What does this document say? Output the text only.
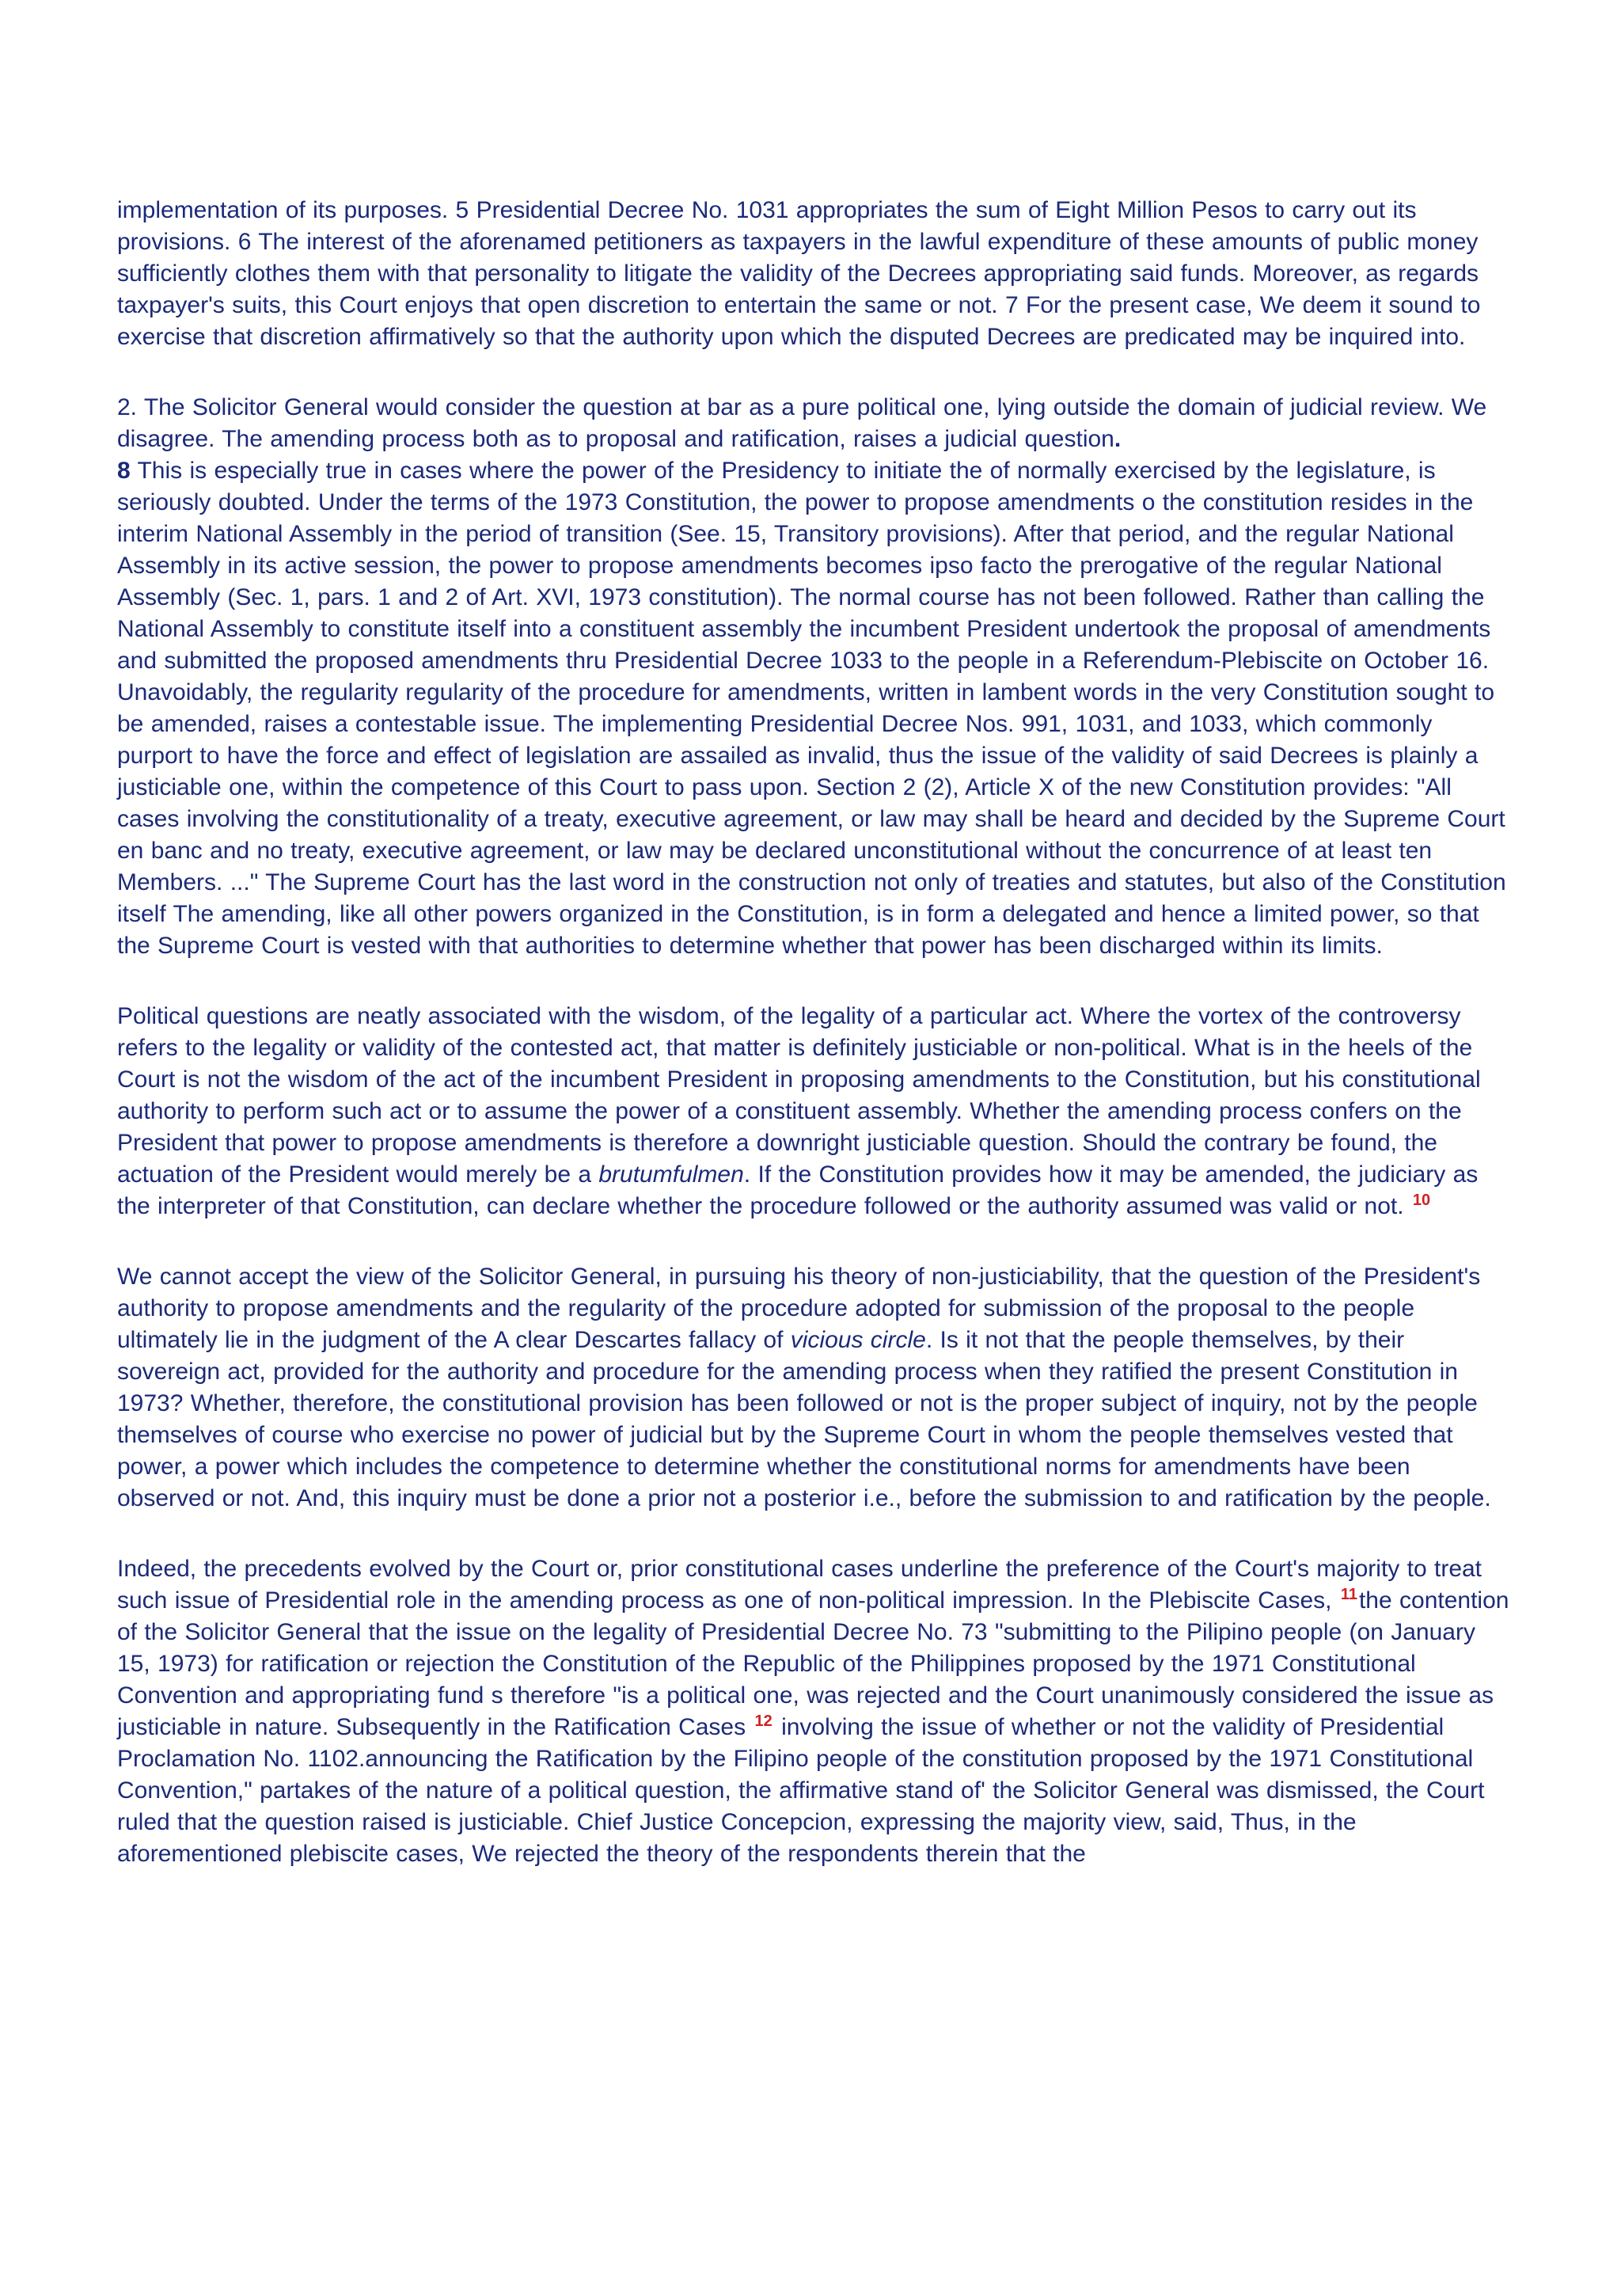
implementation of its purposes. 5 Presidential Decree No. 1031 appropriates the sum of Eight Million Pesos to carry out its provisions. 6 The interest of the aforenamed petitioners as taxpayers in the lawful expenditure of these amounts of public money sufficiently clothes them with that personality to litigate the validity of the Decrees appropriating said funds. Moreover, as regards taxpayer's suits, this Court enjoys that open discretion to entertain the same or not. 7 For the present case, We deem it sound to exercise that discretion affirmatively so that the authority upon which the disputed Decrees are predicated may be inquired into.

2. The Solicitor General would consider the question at bar as a pure political one, lying outside the domain of judicial review. We disagree. The amending process both as to proposal and ratification, raises a judicial question.
8 This is especially true in cases where the power of the Presidency to initiate the of normally exercised by the legislature, is seriously doubted. Under the terms of the 1973 Constitution, the power to propose amendments o the constitution resides in the interim National Assembly in the period of transition (See. 15, Transitory provisions). After that period, and the regular National Assembly in its active session, the power to propose amendments becomes ipso facto the prerogative of the regular National Assembly (Sec. 1, pars. 1 and 2 of Art. XVI, 1973 constitution). The normal course has not been followed. Rather than calling the National Assembly to constitute itself into a constituent assembly the incumbent President undertook the proposal of amendments and submitted the proposed amendments thru Presidential Decree 1033 to the people in a Referendum-Plebiscite on October 16. Unavoidably, the regularity regularity of the procedure for amendments, written in lambent words in the very Constitution sought to be amended, raises a contestable issue. The implementing Presidential Decree Nos. 991, 1031, and 1033, which commonly purport to have the force and effect of legislation are assailed as invalid, thus the issue of the validity of said Decrees is plainly a justiciable one, within the competence of this Court to pass upon. Section 2 (2), Article X of the new Constitution provides: "All cases involving the constitutionality of a treaty, executive agreement, or law may shall be heard and decided by the Supreme Court en banc and no treaty, executive agreement, or law may be declared unconstitutional without the concurrence of at least ten Members. ..." The Supreme Court has the last word in the construction not only of treaties and statutes, but also of the Constitution itself The amending, like all other powers organized in the Constitution, is in form a delegated and hence a limited power, so that the Supreme Court is vested with that authorities to determine whether that power has been discharged within its limits.

Political questions are neatly associated with the wisdom, of the legality of a particular act. Where the vortex of the controversy refers to the legality or validity of the contested act, that matter is definitely justiciable or non-political. What is in the heels of the Court is not the wisdom of the act of the incumbent President in proposing amendments to the Constitution, but his constitutional authority to perform such act or to assume the power of a constituent assembly. Whether the amending process confers on the President that power to propose amendments is therefore a downright justiciable question. Should the contrary be found, the actuation of the President would merely be a brutumfulmen. If the Constitution provides how it may be amended, the judiciary as the interpreter of that Constitution, can declare whether the procedure followed or the authority assumed was valid or not. $^{10}$

We cannot accept the view of the Solicitor General, in pursuing his theory of non-justiciability, that the question of the President's authority to propose amendments and the regularity of the procedure adopted for submission of the proposal to the people ultimately lie in the judgment of the A clear Descartes fallacy of vicious circle. Is it not that the people themselves, by their sovereign act, provided for the authority and procedure for the amending process when they ratified the present Constitution in 1973? Whether, therefore, the constitutional provision has been followed or not is the proper subject of inquiry, not by the people themselves of course who exercise no power of judicial but by the Supreme Court in whom the people themselves vested that power, a power which includes the competence to determine whether the constitutional norms for amendments have been observed or not. And, this inquiry must be done a prior not a posterior i.e., before the submission to and ratification by the people.

Indeed, the precedents evolved by the Court or, prior constitutional cases underline the preference of the Court's majority to treat such issue of Presidential role in the amending process as one of non-political impression. In the Plebiscite Cases, $^{11}$the contention of the Solicitor General that the issue on the legality of Presidential Decree No. 73 "submitting to the Pilipino people (on January 15, 1973) for ratification or rejection the Constitution of the Republic of the Philippines proposed by the 1971 Constitutional Convention and appropriating fund s therefore "is a political one, was rejected and the Court unanimously considered the issue as justiciable in nature. Subsequently in the Ratification Cases $^{12}$ involving the issue of whether or not the validity of Presidential Proclamation No. 1102.announcing the Ratification by the Filipino people of the constitution proposed by the 1971 Constitutional Convention," partakes of the nature of a political question, the affirmative stand of' the Solicitor General was dismissed, the Court ruled that the question raised is justiciable. Chief Justice Concepcion, expressing the majority view, said, Thus, in the aforementioned plebiscite cases, We rejected the theory of the respondents therein that the
